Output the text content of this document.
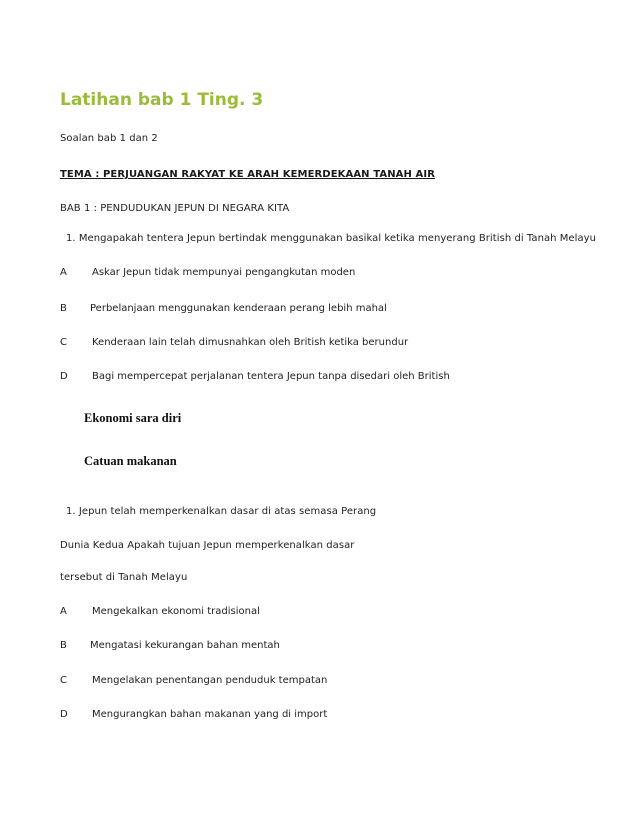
Latihan bab 1 Ting. 3
Soalan bab 1 dan 2
TEMA : PERJUANGAN RAKYAT KE ARAH KEMERDEKAAN TANAH AIR
BAB 1 : PENDUDUKAN JEPUN DI NEGARA KITA
1. Mengapakah tentera Jepun bertindak menggunakan basikal ketika menyerang British di Tanah Melayu
A	Askar Jepun tidak mempunyai pengangkutan moden
B Perbelanjaan menggunakan kenderaan perang lebih mahal
C	Kenderaan lain telah dimusnahkan oleh British ketika berundur
D Bagi mempercepat perjalanan tentera Jepun tanpa disedari oleh British
Ekonomi sara diri
Catuan makanan
1. Jepun telah memperkenalkan dasar di atas semasa Perang
Dunia Kedua Apakah tujuan Jepun memperkenalkan dasar
tersebut di Tanah Melayu
A	Mengekalkan ekonomi tradisional
B Mengatasi kekurangan bahan mentah
C	Mengelakan penentangan penduduk tempatan
D Mengurangkan bahan makanan yang di import
